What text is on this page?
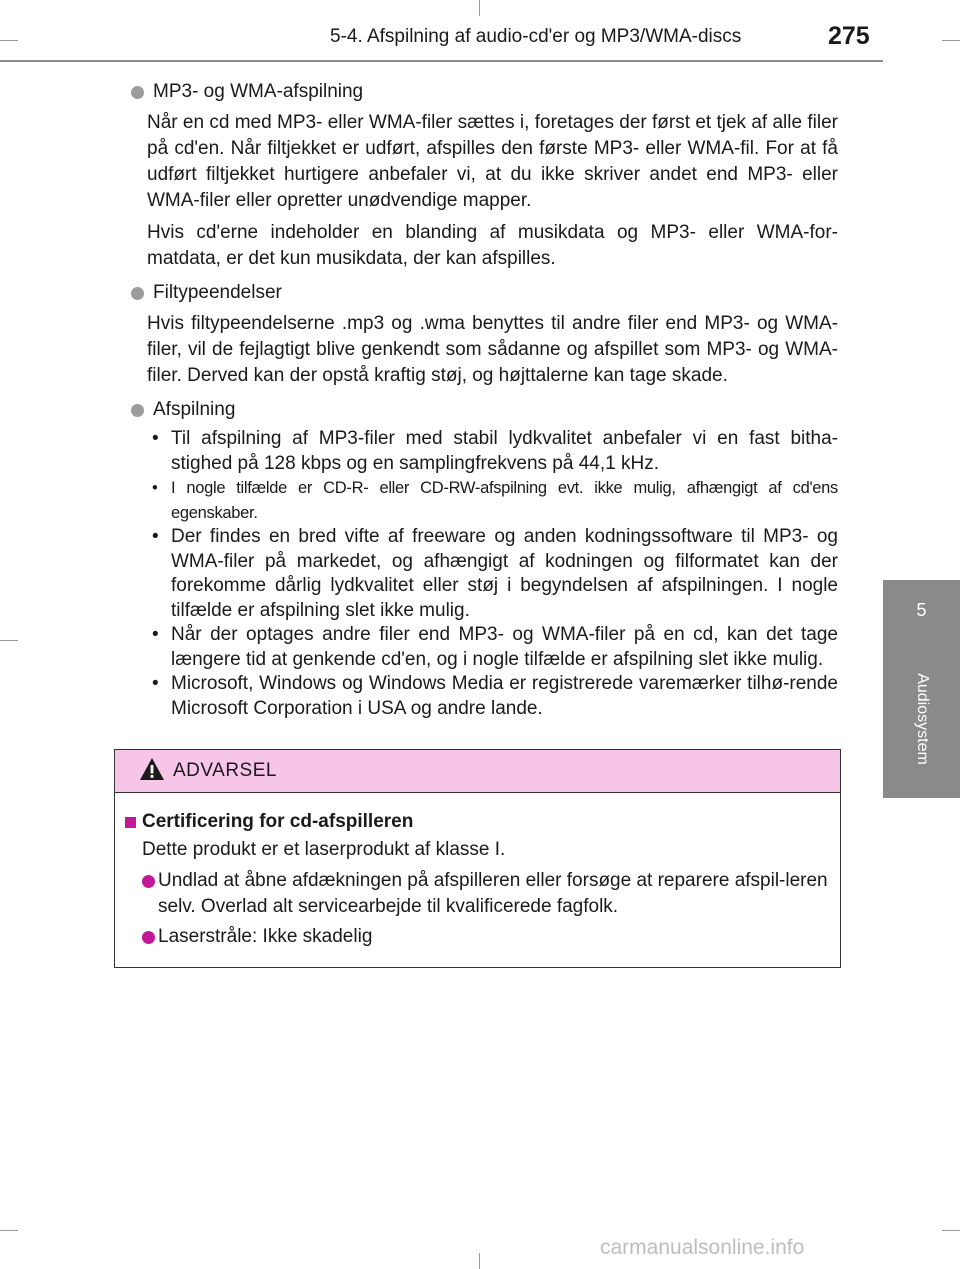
5-4. Afspilning af audio-cd'er og MP3/WMA-discs	275
5
Audiosystem
MP3- og WMA-afspilning

Når en cd med MP3- eller WMA-filer sættes i, foretages der først et tjek af alle filer på cd'en. Når filtjekket er udført, afspilles den første MP3- eller WMA-fil. For at få udført filtjekket hurtigere anbefaler vi, at du ikke skriver andet end MP3- eller WMA-filer eller opretter unødvendige mapper.

Hvis cd'erne indeholder en blanding af musikdata og MP3- eller WMA-for-matdata, er det kun musikdata, der kan afspilles.

Filtypeendelser

Hvis filtypeendelserne .mp3 og .wma benyttes til andre filer end MP3- og WMA-filer, vil de fejlagtigt blive genkendt som sådanne og afspillet som MP3- og WMA-filer. Derved kan der opstå kraftig støj, og højttalerne kan tage skade.

Afspilning
• Til afspilning af MP3-filer med stabil lydkvalitet anbefaler vi en fast bitha-stighed på 128 kbps og en samplingfrekvens på 44,1 kHz.
• I nogle tilfælde er CD-R- eller CD-RW-afspilning evt. ikke mulig, afhængigt af cd'ens egenskaber.
• Der findes en bred vifte af freeware og anden kodningssoftware til MP3- og WMA-filer på markedet, og afhængigt af kodningen og filformatet kan der forekomme dårlig lydkvalitet eller støj i begyndelsen af afspilningen. I nogle tilfælde er afspilning slet ikke mulig.
• Når der optages andre filer end MP3- og WMA-filer på en cd, kan det tage længere tid at genkende cd'en, og i nogle tilfælde er afspilning slet ikke mulig.
• Microsoft, Windows og Windows Media er registrerede varemærker tilhø-rende Microsoft Corporation i USA og andre lande.
ADVARSEL
Certificering for cd-afspilleren
Dette produkt er et laserprodukt af klasse I.
Undlad at åbne afdækningen på afspilleren eller forsøge at reparere afspil-leren selv. Overlad alt servicearbejde til kvalificerede fagfolk.
Laserstråle: Ikke skadelig
carmanualsonline.info
